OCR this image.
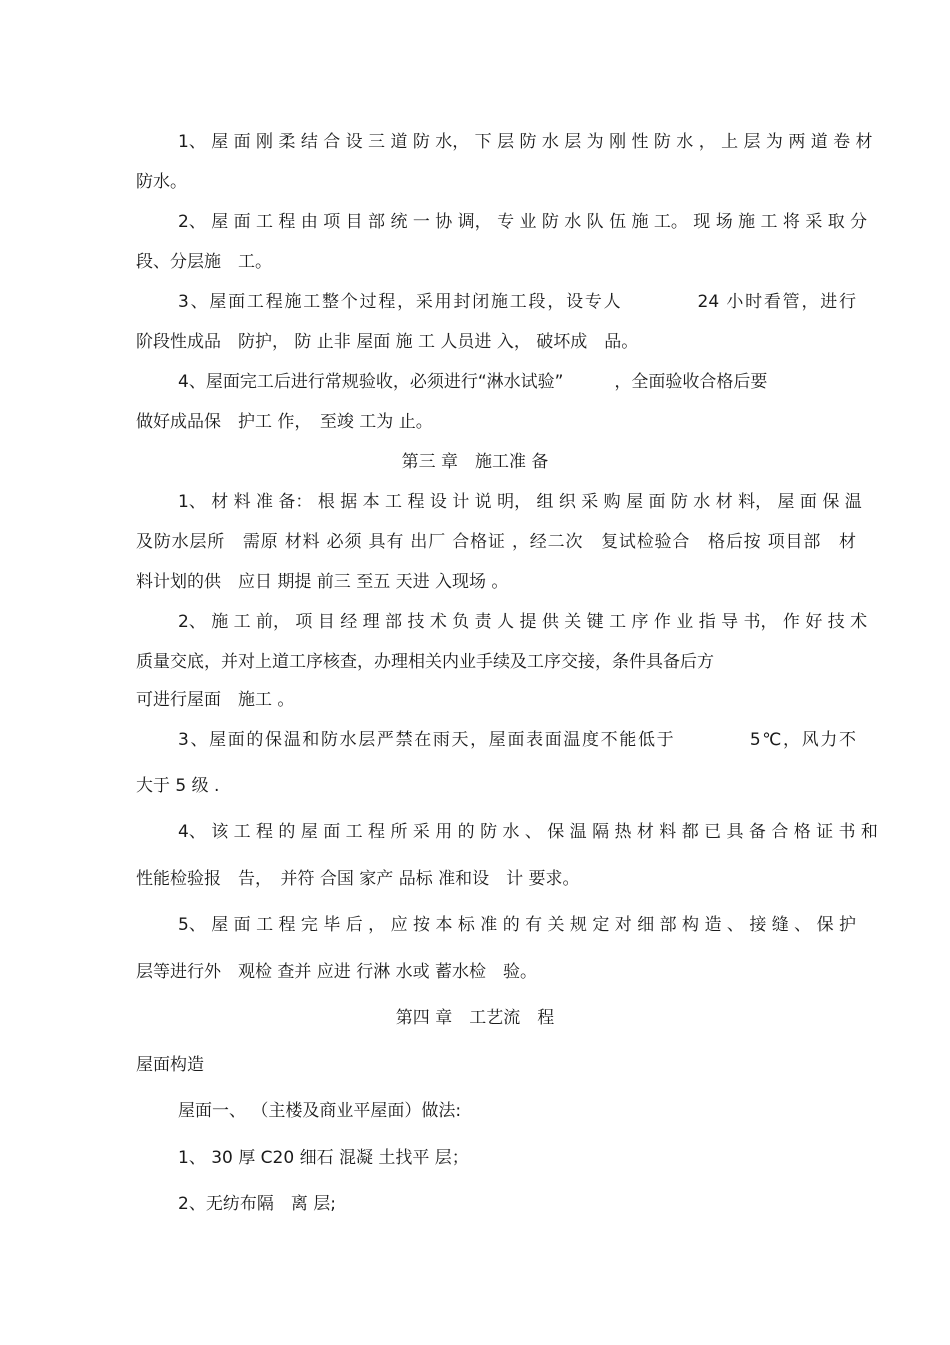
1、 屋 面 刚 柔 结 合 设 三 道 防 水， 下 层 防 水 层 为 刚 性 防 水 ， 上 层 为 两 道 卷 材
防水。
2、 屋 面 工 程 由 项 目 部 统 一 协 调， 专 业 防 水 队 伍 施 工。 现 场 施 工 将 采 取 分
段、分层施　工。
3、屋面工程施工整个过程，采用封闭施工段，设专人　　　　24 小时看管，进行
阶段性成品　防护， 防 止非 屋面 施 工 人员进 入， 破坏成　品。
4、屋面完工后进行常规验收，必须进行“淋水试验”　　　，全面验收合格后要
做好成品保　护工 作，　至竣 工为 止。
第三 章　施工准 备
1、 材 料 准 备： 根 据 本 工 程 设 计 说 明， 组 织 采 购 屋 面 防 水 材 料， 屋 面 保 温
及防水层所　需原 材料 必须 具有 出厂 合格证 ，经二次　复试检验合　格后按 项目部　材
料计划的供　应日 期提 前三 至五 天进 入现场 。
2、 施 工 前， 项 目 经 理 部 技 术 负 责 人 提 供 关 键 工 序 作 业 指 导 书， 作 好 技 术
质量交底，并对上道工序核查，办理相关内业手续及工序交接，条件具备后方
可进行屋面　施工 。
3、屋面的保温和防水层严禁在雨天，屋面表面温度不能低于　　　　5℃，风力不
大于 5 级 .
4、 该 工 程 的 屋 面 工 程 所 采 用 的 防 水 、 保 温 隔 热 材 料 都 已 具 备 合 格 证 书 和
性能检验报　告，　并符 合国 家产 品标 准和设　计 要求。
5、 屋 面 工 程 完 毕 后 ， 应 按 本 标 准 的 有 关 规 定 对 细 部 构 造 、 接 缝 、 保 护
层等进行外　观检 查并 应进 行淋 水或 蓄水检　验。
第四 章　工艺流　程
屋面构造
屋面一、 （主楼及商业平屋面）做法:
1、 30 厚 C20 细石 混凝 土找平 层；
2、无纺布隔　离 层;
